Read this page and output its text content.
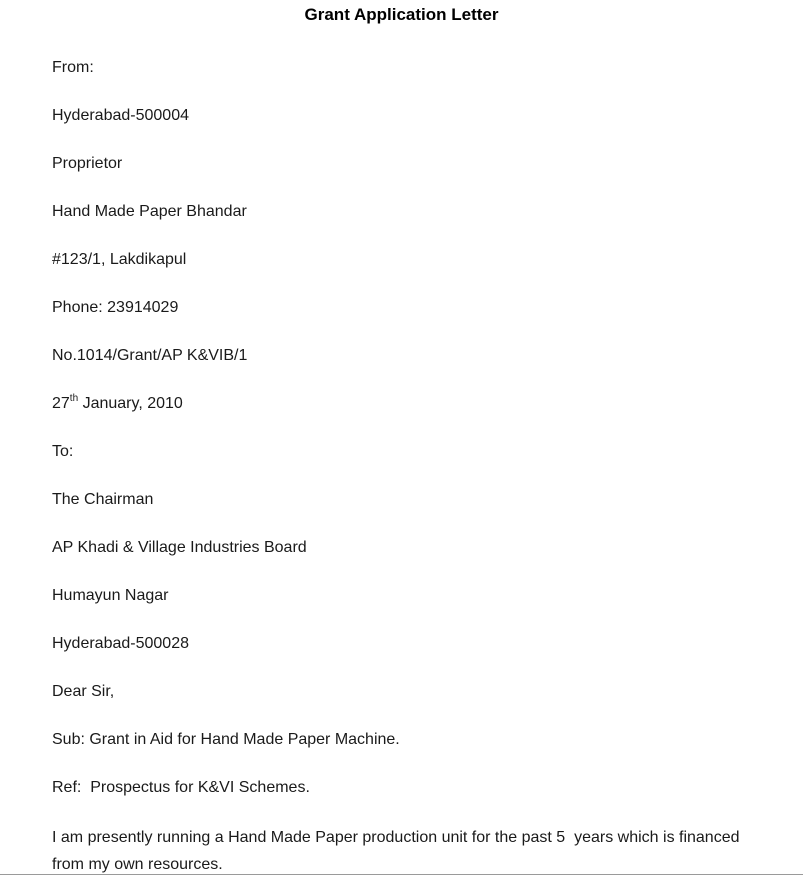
Grant Application Letter
From:
Hyderabad-500004
Proprietor
Hand Made Paper Bhandar
#123/1, Lakdikapul
Phone: 23914029
No.1014/Grant/AP K&VIB/1
27th January, 2010
To:
The Chairman
AP Khadi & Village Industries Board
Humayun Nagar
Hyderabad-500028
Dear Sir,
Sub: Grant in Aid for Hand Made Paper Machine.
Ref:  Prospectus for K&VI Schemes.
I am presently running a Hand Made Paper production unit for the past 5  years which is financed from my own resources.
